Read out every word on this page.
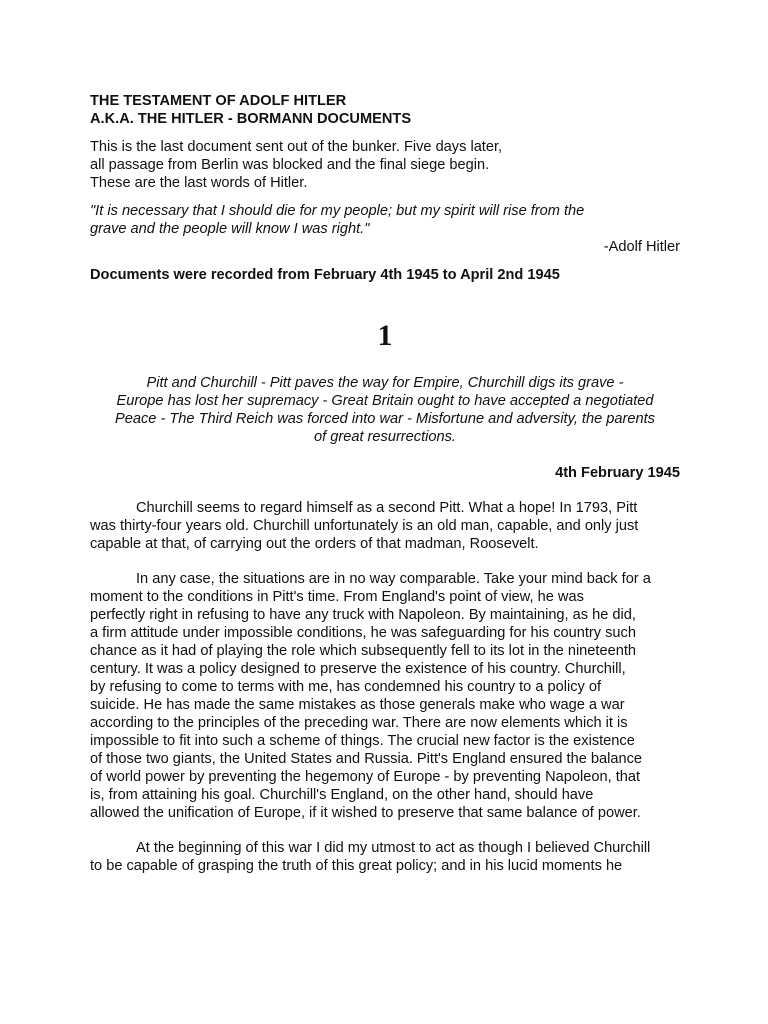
THE TESTAMENT OF ADOLF HITLER
A.K.A. THE HITLER - BORMANN DOCUMENTS
This is the last document sent out of the bunker. Five days later,
all passage from Berlin was blocked and the final siege begin.
These are the last words of Hitler.
"It is necessary that I should die for my people; but my spirit will rise from the
grave and the people will know I was right."
-Adolf Hitler
Documents were recorded from February 4th 1945 to April 2nd 1945
1
Pitt and Churchill - Pitt paves the way for Empire, Churchill digs its grave -
Europe has lost her supremacy - Great Britain ought to have accepted a negotiated
Peace - The Third Reich was forced into war - Misfortune and adversity, the parents
of great resurrections.
4th February 1945
Churchill seems to regard himself as a second Pitt. What a hope! In 1793, Pitt
was thirty-four years old. Churchill unfortunately is an old man, capable, and only just
capable at that, of carrying out the orders of that madman, Roosevelt.
In any case, the situations are in no way comparable. Take your mind back for a
moment to the conditions in Pitt's time. From England's point of view, he was
perfectly right in refusing to have any truck with Napoleon. By maintaining, as he did,
a firm attitude under impossible conditions, he was safeguarding for his country such
chance as it had of playing the role which subsequently fell to its lot in the nineteenth
century. It was a policy designed to preserve the existence of his country. Churchill,
by refusing to come to terms with me, has condemned his country to a policy of
suicide. He has made the same mistakes as those generals make who wage a war
according to the principles of the preceding war. There are now elements which it is
impossible to fit into such a scheme of things. The crucial new factor is the existence
of those two giants, the United States and Russia. Pitt's England ensured the balance
of world power by preventing the hegemony of Europe - by preventing Napoleon, that
is, from attaining his goal. Churchill's England, on the other hand, should have
allowed the unification of Europe, if it wished to preserve that same balance of power.
At the beginning of this war I did my utmost to act as though I believed Churchill
to be capable of grasping the truth of this great policy; and in his lucid moments he
